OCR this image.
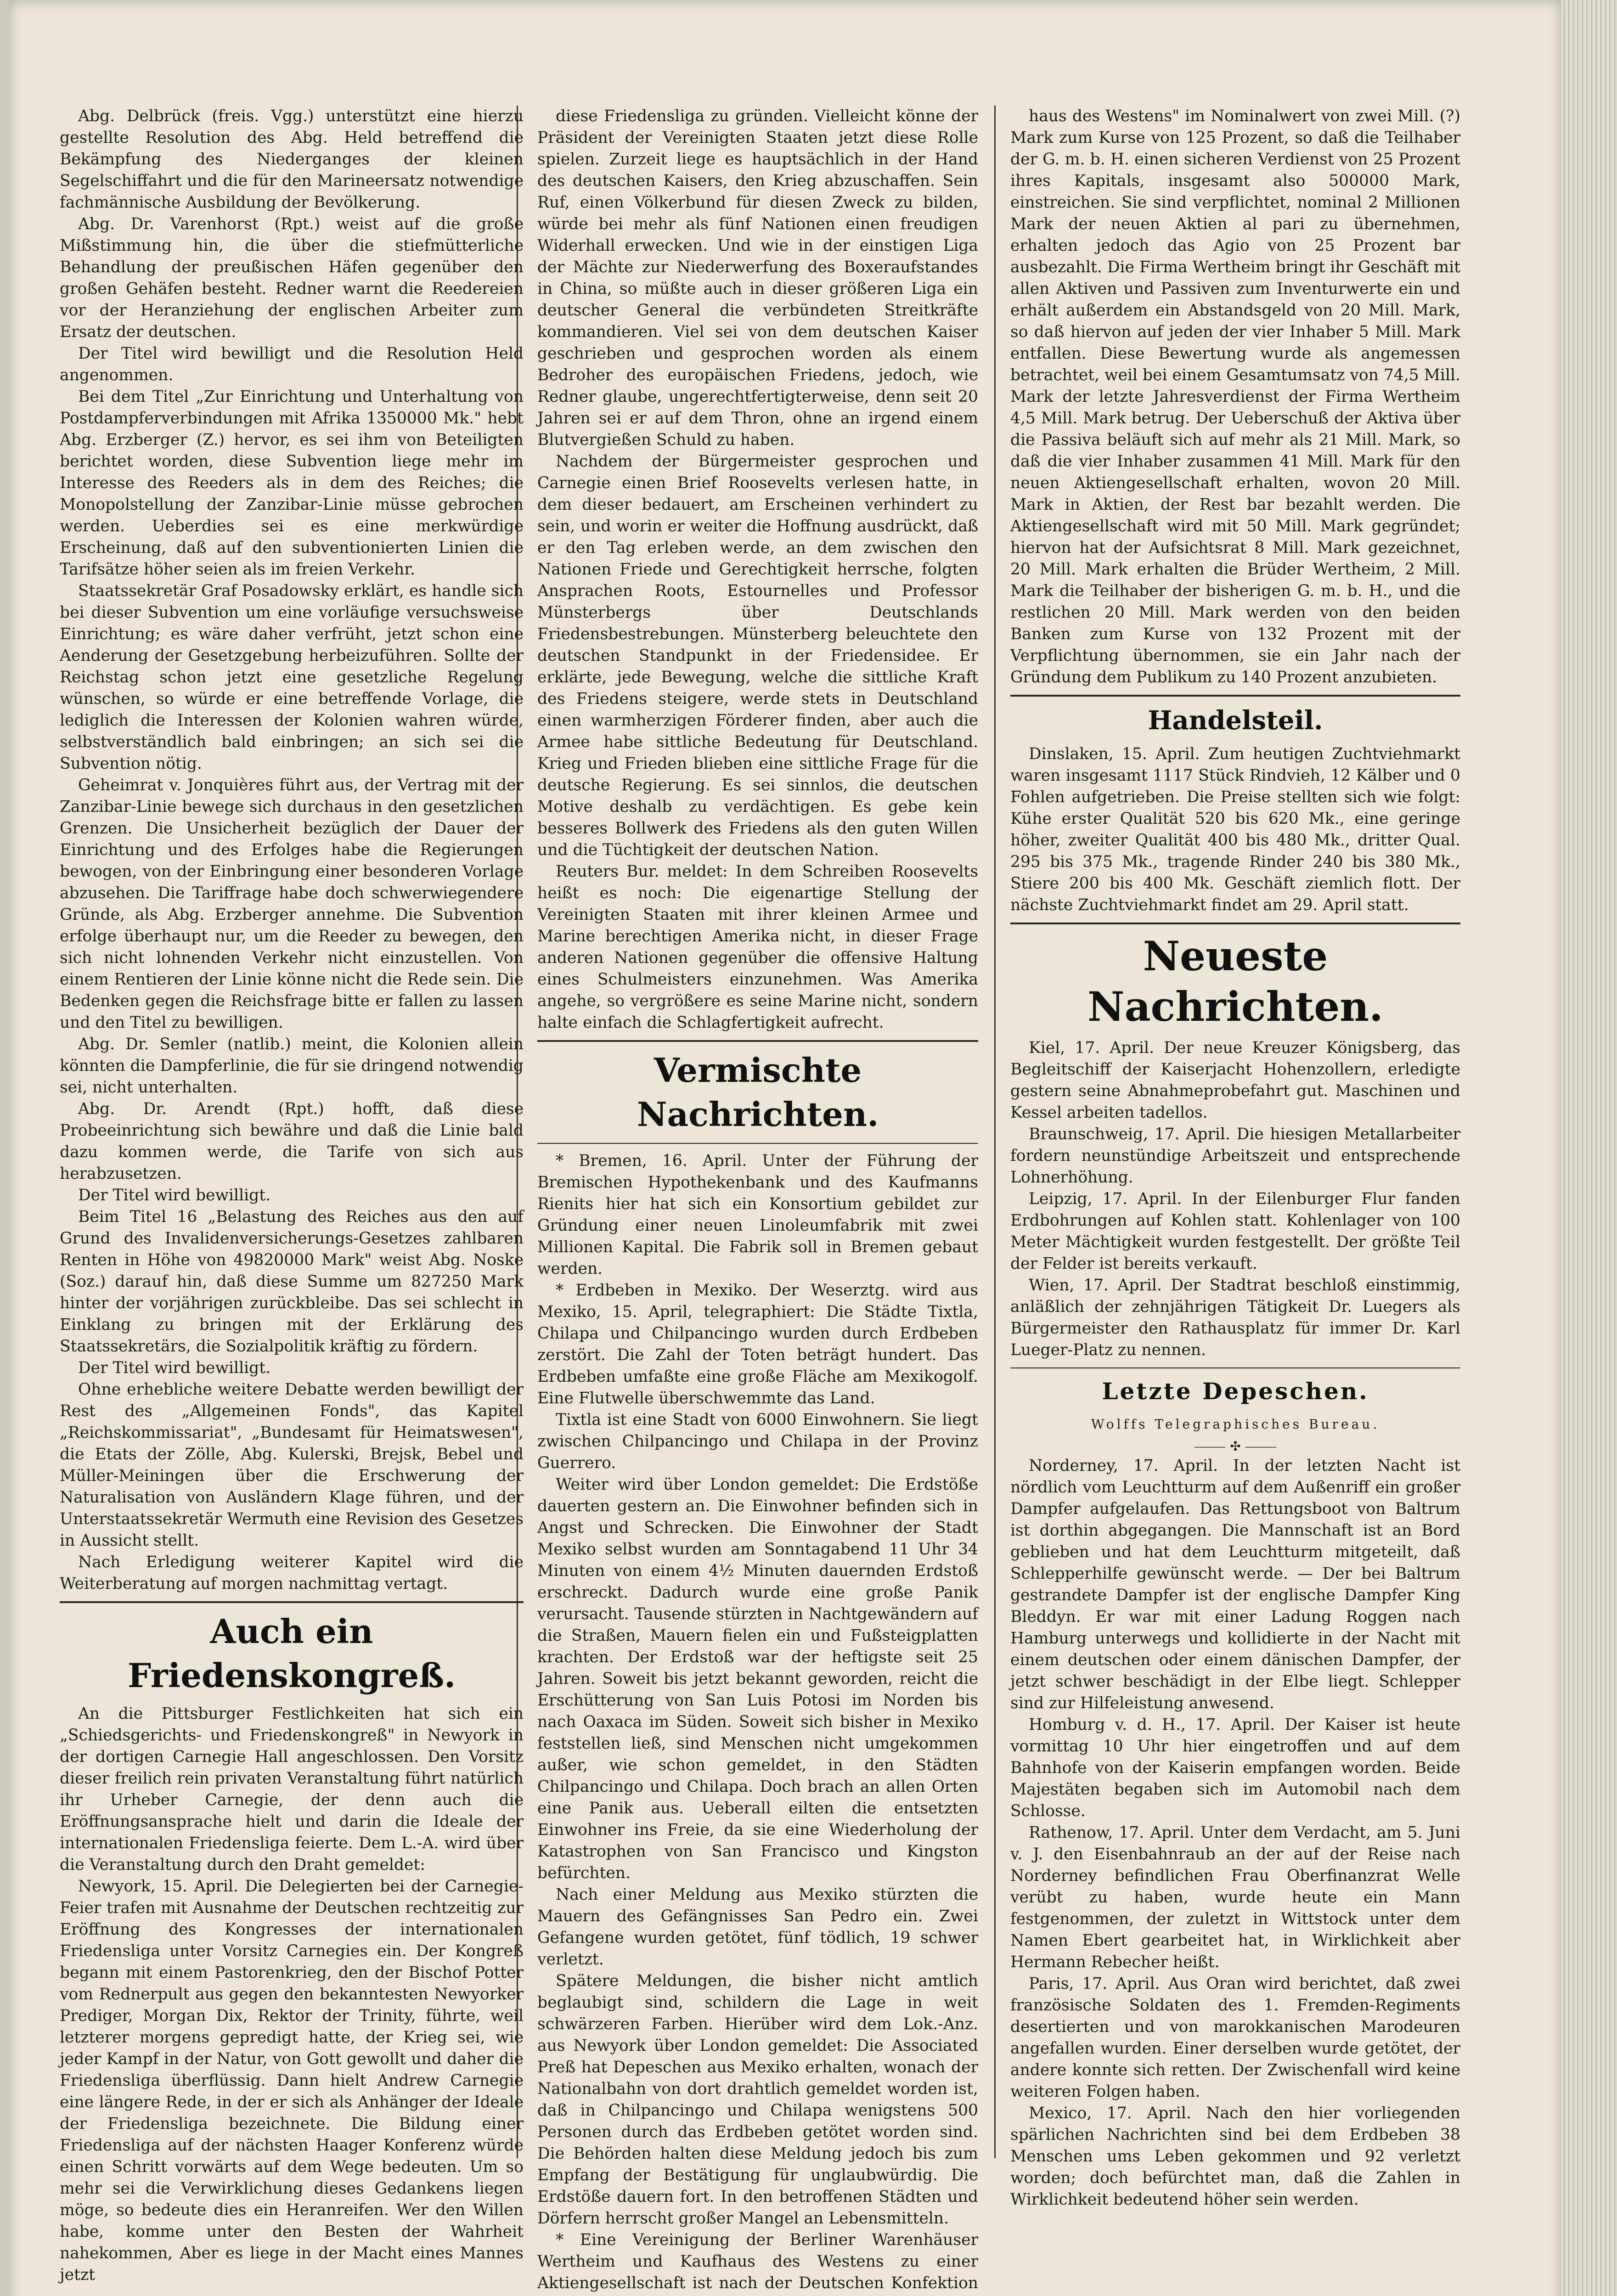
Abg. Delbrück (freis. Vgg.) unterstützt eine hierzu gestellte Resolution des Abg. Held betreffend die Bekämpfung des Niederganges der kleinen Segelschiffahrt und die für den Marineersatz notwendige fachmännische Ausbildung der Bevölkerung.

Abg. Dr. Varenhorst (Rpt.) weist auf die große Mißstimmung hin, die über die stiefmütterliche Behandlung der preußischen Häfen gegenüber den großen Gehäfen besteht. Redner warnt die Reedereien vor der Heranziehung der englischen Arbeiter zum Ersatz der deutschen.

Der Titel wird bewilligt und die Resolution Held angenommen.

Bei dem Titel „Zur Einrichtung und Unterhaltung von Postdampferverbindungen mit Afrika 1350000 Mk." hebt Abg. Erzberger (Z.) hervor, es sei ihm von Beteiligten berichtet worden, diese Subvention liege mehr im Interesse des Reeders als in dem des Reiches; die Monopolstellung der Zanzibar-Linie müsse gebrochen werden. Ueberdies sei es eine merkwürdige Erscheinung, daß auf den subventionierten Linien die Tarifsätze höher seien als im freien Verkehr.

Staatssekretär Graf Posadowsky erklärt, es handle sich bei dieser Subvention um eine vorläufige versuchsweise Einrichtung; es wäre daher verfrüht, jetzt schon eine Aenderung der Gesetzgebung herbeizuführen. Sollte der Reichstag schon jetzt eine gesetzliche Regelung wünschen, so würde er eine betreffende Vorlage, die lediglich die Interessen der Kolonien wahren würde, selbstverständlich bald einbringen; an sich sei die Subvention nötig.

Geheimrat v. Jonquières führt aus, der Vertrag mit der Zanzibar-Linie bewege sich durchaus in den gesetzlichen Grenzen. Die Unsicherheit bezüglich der Dauer der Einrichtung und des Erfolges habe die Regierungen bewogen, von der Einbringung einer besonderen Vorlage abzusehen. Die Tariffrage habe doch schwerwiegendere Gründe, als Abg. Erzberger annehme. Die Subvention erfolge überhaupt nur, um die Reeder zu bewegen, den sich nicht lohnenden Verkehr nicht einzustellen. Von einem Rentieren der Linie könne nicht die Rede sein. Die Bedenken gegen die Reichsfrage bitte er fallen zu lassen und den Titel zu bewilligen.

Abg. Dr. Semler (natlib.) meint, die Kolonien allein könnten die Dampferlinie, die für sie dringend notwendig sei, nicht unterhalten.

Abg. Dr. Arendt (Rpt.) hofft, daß diese Probeeinrichtung sich bewähre und daß die Linie bald dazu kommen werde, die Tarife von sich aus herabzusetzen.

Der Titel wird bewilligt.

Beim Titel 16 „Belastung des Reiches aus den auf Grund des Invalidenversicherungs-Gesetzes zahlbaren Renten in Höhe von 49820000 Mark" weist Abg. Noske (Soz.) darauf hin, daß diese Summe um 827250 Mark hinter der vorjährigen zurückbleibe. Das sei schlecht in Einklang zu bringen mit der Erklärung des Staatssekretärs, die Sozialpolitik kräftig zu fördern.

Der Titel wird bewilligt.

Ohne erhebliche weitere Debatte werden bewilligt der Rest des „Allgemeinen Fonds", das Kapitel „Reichskommissariat", „Bundesamt für Heimatswesen", die Etats der Zölle, Abg. Kulerski, Brejsk, Bebel und Müller-Meiningen über die Erschwerung der Naturalisation von Ausländern Klage führen, und der Unterstaatssekretär Wermuth eine Revision des Gesetzes in Aussicht stellt.

Nach Erledigung weiterer Kapitel wird die Weiterberatung auf morgen nachmittag vertagt.

Auch ein Friedenskongreß.

An die Pittsburger Festlichkeiten hat sich ein „Schiedsgerichts- und Friedenskongreß" in Newyork in der dortigen Carnegie Hall angeschlossen. Den Vorsitz dieser freilich rein privaten Veranstaltung führt natürlich ihr Urheber Carnegie, der denn auch die Eröffnungsansprache hielt und darin die Ideale der internationalen Friedensliga feierte. Dem L.-A. wird über die Veranstaltung durch den Draht gemeldet:

Newyork, 15. April. Die Delegierten bei der Carnegie-Feier trafen mit Ausnahme der Deutschen rechtzeitig zur Eröffnung des Kongresses der internationalen Friedensliga unter Vorsitz Carnegies ein. Der Kongreß begann mit einem Pastorenkrieg, den der Bischof Potter vom Rednerpult aus gegen den bekanntesten Newyorker Prediger, Morgan Dix, Rektor der Trinity, führte, weil letzterer morgens gepredigt hatte, der Krieg sei, wie jeder Kampf in der Natur, von Gott gewollt und daher die Friedensliga überflüssig. Dann hielt Andrew Carnegie eine längere Rede, in der er sich als Anhänger der Ideale der Friedensliga bezeichnete. Die Bildung einer Friedensliga auf der nächsten Haager Konferenz würde einen Schritt vorwärts auf dem Wege bedeuten. Um so mehr sei die Verwirklichung dieses Gedankens liegen möge, so bedeute dies ein Heranreifen. Wer den Willen habe, komme unter den Besten der Wahrheit nahekommen, Aber es liege in der Macht eines Mannes jetzt

diese Friedensliga zu gründen. Vielleicht könne der Präsident der Vereinigten Staaten jetzt diese Rolle spielen. Zurzeit liege es hauptsächlich in der Hand des deutschen Kaisers, den Krieg abzuschaffen. Sein Ruf, einen Völkerbund für diesen Zweck zu bilden, würde bei mehr als fünf Nationen einen freudigen Widerhall erwecken. Und wie in der einstigen Liga der Mächte zur Niederwerfung des Boxeraufstandes in China, so müßte auch in dieser größeren Liga ein deutscher General die verbündeten Streitkräfte kommandieren. Viel sei von dem deutschen Kaiser geschrieben und gesprochen worden als einem Bedroher des europäischen Friedens, jedoch, wie Redner glaube, ungerechtfertigterweise, denn seit 20 Jahren sei er auf dem Thron, ohne an irgend einem Blutvergießen Schuld zu haben.

Nachdem der Bürgermeister gesprochen und Carnegie einen Brief Roosevelts verlesen hatte, in dem dieser bedauert, am Erscheinen verhindert zu sein, und worin er weiter die Hoffnung ausdrückt, daß er den Tag erleben werde, an dem zwischen den Nationen Friede und Gerechtigkeit herrsche, folgten Ansprachen Roots, Estournelles und Professor Münsterbergs über Deutschlands Friedensbestrebungen. Münsterberg beleuchtete den deutschen Standpunkt in der Friedensidee. Er erklärte, jede Bewegung, welche die sittliche Kraft des Friedens steigere, werde stets in Deutschland einen warmherzigen Förderer finden, aber auch die Armee habe sittliche Bedeutung für Deutschland. Krieg und Frieden blieben eine sittliche Frage für die deutsche Regierung. Es sei sinnlos, die deutschen Motive deshalb zu verdächtigen. Es gebe kein besseres Bollwerk des Friedens als den guten Willen und die Tüchtigkeit der deutschen Nation.

Reuters Bur. meldet: In dem Schreiben Roosevelts heißt es noch: Die eigenartige Stellung der Vereinigten Staaten mit ihrer kleinen Armee und Marine berechtigen Amerika nicht, in dieser Frage anderen Nationen gegenüber die offensive Haltung eines Schulmeisters einzunehmen. Was Amerika angehe, so vergrößere es seine Marine nicht, sondern halte einfach die Schlagfertigkeit aufrecht.

Vermischte Nachrichten.

* Bremen, 16. April. Unter der Führung der Bremischen Hypothekenbank und des Kaufmanns Rienits hier hat sich ein Konsortium gebildet zur Gründung einer neuen Linoleumfabrik mit zwei Millionen Kapital. Die Fabrik soll in Bremen gebaut werden.

* Erdbeben in Mexiko. Der Weserztg. wird aus Mexiko, 15. April, telegraphiert: Die Städte Tixtla, Chilapa und Chilpancingo wurden durch Erdbeben zerstört. Die Zahl der Toten beträgt hundert. Das Erdbeben umfaßte eine große Fläche am Mexikogolf. Eine Flutwelle überschwemmte das Land.

Tixtla ist eine Stadt von 6000 Einwohnern. Sie liegt zwischen Chilpancingo und Chilapa in der Provinz Guerrero.

Weiter wird über London gemeldet: Die Erdstöße dauerten gestern an. Die Einwohner befinden sich in Angst und Schrecken. Die Einwohner der Stadt Mexiko selbst wurden am Sonntagabend 11 Uhr 34 Minuten von einem 4½ Minuten dauernden Erdstoß erschreckt. Dadurch wurde eine große Panik verursacht. Tausende stürzten in Nachtgewändern auf die Straßen, Mauern fielen ein und Fußsteigplatten krachten. Der Erdstoß war der heftigste seit 25 Jahren. Soweit bis jetzt bekannt geworden, reicht die Erschütterung von San Luis Potosi im Norden bis nach Oaxaca im Süden. Soweit sich bisher in Mexiko feststellen ließ, sind Menschen nicht umgekommen außer, wie schon gemeldet, in den Städten Chilpancingo und Chilapa. Doch brach an allen Orten eine Panik aus. Ueberall eilten die entsetzten Einwohner ins Freie, da sie eine Wiederholung der Katastrophen von San Francisco und Kingston befürchten.

Nach einer Meldung aus Mexiko stürzten die Mauern des Gefängnisses San Pedro ein. Zwei Gefangene wurden getötet, fünf tödlich, 19 schwer verletzt.

Spätere Meldungen, die bisher nicht amtlich beglaubigt sind, schildern die Lage in weit schwärzeren Farben. Hierüber wird dem Lok.-Anz. aus Newyork über London gemeldet: Die Associated Preß hat Depeschen aus Mexiko erhalten, wonach der Nationalbahn von dort drahtlich gemeldet worden ist, daß in Chilpancingo und Chilapa wenigstens 500 Personen durch das Erdbeben getötet worden sind. Die Behörden halten diese Meldung jedoch bis zum Empfang der Bestätigung für unglaubwürdig. Die Erdstöße dauern fort. In den betroffenen Städten und Dörfern herrscht großer Mangel an Lebensmitteln.

* Eine Vereinigung der Berliner Warenhäuser Wertheim und Kaufhaus des Westens zu einer Aktiengesellschaft ist nach der Deutschen Konfektion

haus des Westens" im Nominalwert von zwei Mill. (?) Mark zum Kurse von 125 Prozent, so daß die Teilhaber der G. m. b. H. einen sicheren Verdienst von 25 Prozent ihres Kapitals, insgesamt also 500000 Mark, einstreichen. Sie sind verpflichtet, nominal 2 Millionen Mark der neuen Aktien al pari zu übernehmen, erhalten jedoch das Agio von 25 Prozent bar ausbezahlt. Die Firma Wertheim bringt ihr Geschäft mit allen Aktiven und Passiven zum Inventurwerte ein und erhält außerdem ein Abstandsgeld von 20 Mill. Mark, so daß hiervon auf jeden der vier Inhaber 5 Mill. Mark entfallen. Diese Bewertung wurde als angemessen betrachtet, weil bei einem Gesamtumsatz von 74,5 Mill. Mark der letzte Jahresverdienst der Firma Wertheim 4,5 Mill. Mark betrug. Der Ueberschuß der Aktiva über die Passiva beläuft sich auf mehr als 21 Mill. Mark, so daß die vier Inhaber zusammen 41 Mill. Mark für den neuen Aktiengesellschaft erhalten, wovon 20 Mill. Mark in Aktien, der Rest bar bezahlt werden. Die Aktiengesellschaft wird mit 50 Mill. Mark gegründet; hiervon hat der Aufsichtsrat 8 Mill. Mark gezeichnet, 20 Mill. Mark erhalten die Brüder Wertheim, 2 Mill. Mark die Teilhaber der bisherigen G. m. b. H., und die restlichen 20 Mill. Mark werden von den beiden Banken zum Kurse von 132 Prozent mit der Verpflichtung übernommen, sie ein Jahr nach der Gründung dem Publikum zu 140 Prozent anzubieten.

Handelsteil.

Dinslaken, 15. April. Zum heutigen Zuchtviehmarkt waren insgesamt 1117 Stück Rindvieh, 12 Kälber und 0 Fohlen aufgetrieben. Die Preise stellten sich wie folgt: Kühe erster Qualität 520 bis 620 Mk., eine geringe höher, zweiter Qualität 400 bis 480 Mk., dritter Qual. 295 bis 375 Mk., tragende Rinder 240 bis 380 Mk., Stiere 200 bis 400 Mk. Geschäft ziemlich flott. Der nächste Zuchtviehmarkt findet am 29. April statt.

Neueste Nachrichten.

Kiel, 17. April. Der neue Kreuzer Königsberg, das Begleitschiff der Kaiserjacht Hohenzollern, erledigte gestern seine Abnahmeprobefahrt gut. Maschinen und Kessel arbeiten tadellos.

Braunschweig, 17. April. Die hiesigen Metallarbeiter fordern neunstündige Arbeitszeit und entsprechende Lohnerhöhung.

Leipzig, 17. April. In der Eilenburger Flur fanden Erdbohrungen auf Kohlen statt. Kohlenlager von 100 Meter Mächtigkeit wurden festgestellt. Der größte Teil der Felder ist bereits verkauft.

Wien, 17. April. Der Stadtrat beschloß einstimmig, anläßlich der zehnjährigen Tätigkeit Dr. Luegers als Bürgermeister den Rathausplatz für immer Dr. Karl Lueger-Platz zu nennen.

Letzte Depeschen.
Wolffs Telegraphisches Bureau.
⸻ ✣ ⸻

Norderney, 17. April. In der letzten Nacht ist nördlich vom Leuchtturm auf dem Außenriff ein großer Dampfer aufgelaufen. Das Rettungsboot von Baltrum ist dorthin abgegangen. Die Mannschaft ist an Bord geblieben und hat dem Leuchtturm mitgeteilt, daß Schlepperhilfe gewünscht werde. — Der bei Baltrum gestrandete Dampfer ist der englische Dampfer King Bleddyn. Er war mit einer Ladung Roggen nach Hamburg unterwegs und kollidierte in der Nacht mit einem deutschen oder einem dänischen Dampfer, der jetzt schwer beschädigt in der Elbe liegt. Schlepper sind zur Hilfeleistung anwesend.

Homburg v. d. H., 17. April. Der Kaiser ist heute vormittag 10 Uhr hier eingetroffen und auf dem Bahnhofe von der Kaiserin empfangen worden. Beide Majestäten begaben sich im Automobil nach dem Schlosse.

Rathenow, 17. April. Unter dem Verdacht, am 5. Juni v. J. den Eisenbahnraub an der auf der Reise nach Norderney befindlichen Frau Oberfinanzrat Welle verübt zu haben, wurde heute ein Mann festgenommen, der zuletzt in Wittstock unter dem Namen Ebert gearbeitet hat, in Wirklichkeit aber Hermann Rebecher heißt.

Paris, 17. April. Aus Oran wird berichtet, daß zwei französische Soldaten des 1. Fremden-Regiments desertierten und von marokkanischen Marodeuren angefallen wurden. Einer derselben wurde getötet, der andere konnte sich retten. Der Zwischenfall wird keine weiteren Folgen haben.

Mexico, 17. April. Nach den hier vorliegenden spärlichen Nachrichten sind bei dem Erdbeben 38 Menschen ums Leben gekommen und 92 verletzt worden; doch befürchtet man, daß die Zahlen in Wirklichkeit bedeutend höher sein werden.
